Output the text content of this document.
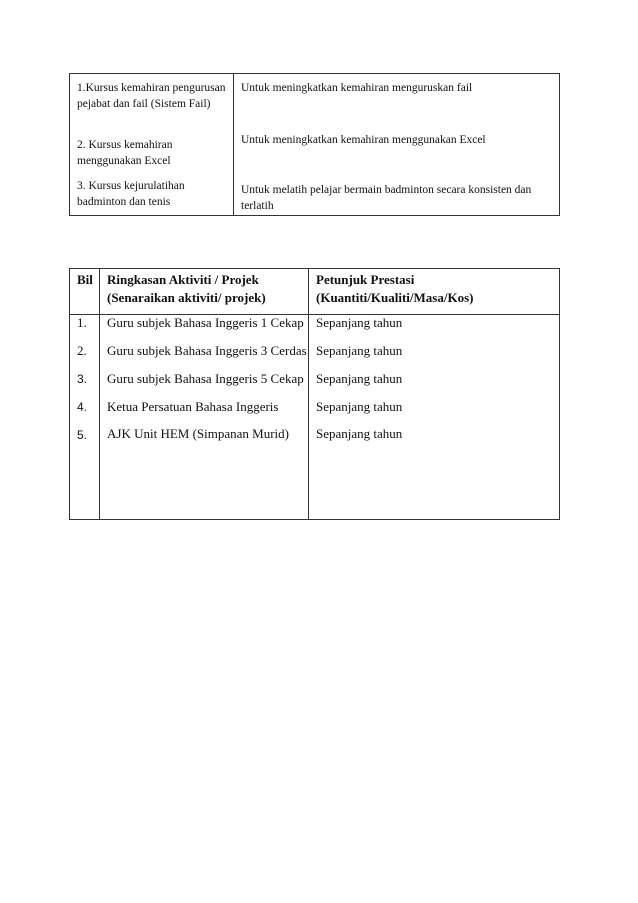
1.Kursus kemahiran pengurusan pejabat dan fail (Sistem Fail)
Untuk meningkatkan kemahiran menguruskan fail
2. Kursus kemahiran menggunakan Excel
Untuk meningkatkan kemahiran menggunakan Excel
3. Kursus kejurulatihan badminton dan tenis
Untuk melatih pelajar bermain badminton secara konsisten dan terlatih
Bil Ringkasan Aktiviti / Projek
(Senaraikan aktiviti/ projek)
Petunjuk Prestasi
(Kuantiti/Kualiti/Masa/Kos)
1. Guru subjek Bahasa Inggeris 1 Cekap Sepanjang tahun
2. Guru subjek Bahasa Inggeris 3 Cerdas Sepanjang tahun
3. Guru subjek Bahasa Inggeris 5 Cekap Sepanjang tahun
4. Ketua Persatuan Bahasa Inggeris	Sepanjang tahun
5. AJK Unit HEM (Simpanan Murid) Sepanjang tahun
